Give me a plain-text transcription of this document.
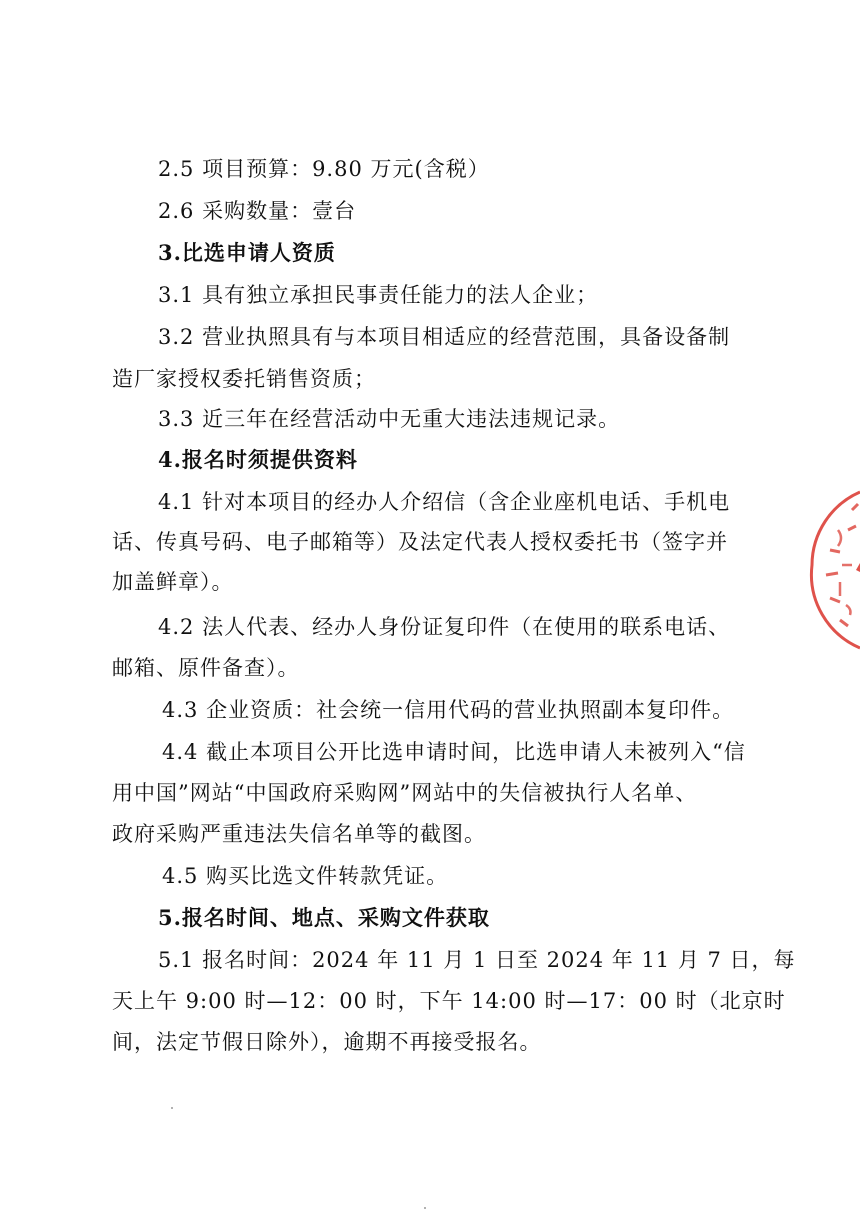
2.5 项目预算：9.80 万元(含税）
2.6 采购数量：壹台
3.比选申请人资质
3.1 具有独立承担民事责任能力的法人企业；
3.2 营业执照具有与本项目相适应的经营范围，具备设备制
造厂家授权委托销售资质；
3.3 近三年在经营活动中无重大违法违规记录。
4.报名时须提供资料
4.1 针对本项目的经办人介绍信（含企业座机电话、手机电
话、传真号码、电子邮箱等）及法定代表人授权委托书（签字并
加盖鲜章）。
4.2 法人代表、经办人身份证复印件（在使用的联系电话、
邮箱、原件备查）。
4.3 企业资质：社会统一信用代码的营业执照副本复印件。
4.4 截止本项目公开比选申请时间，比选申请人未被列入“信
用中国”网站“中国政府采购网”网站中的失信被执行人名单、
政府采购严重违法失信名单等的截图。
4.5 购买比选文件转款凭证。
5.报名时间、地点、采购文件获取
5.1 报名时间：2024 年 11 月 1 日至 2024 年 11 月 7 日，每
天上午 9:00 时—12：00 时，下午 14:00 时—17：00 时（北京时
间，法定节假日除外），逾期不再接受报名。
